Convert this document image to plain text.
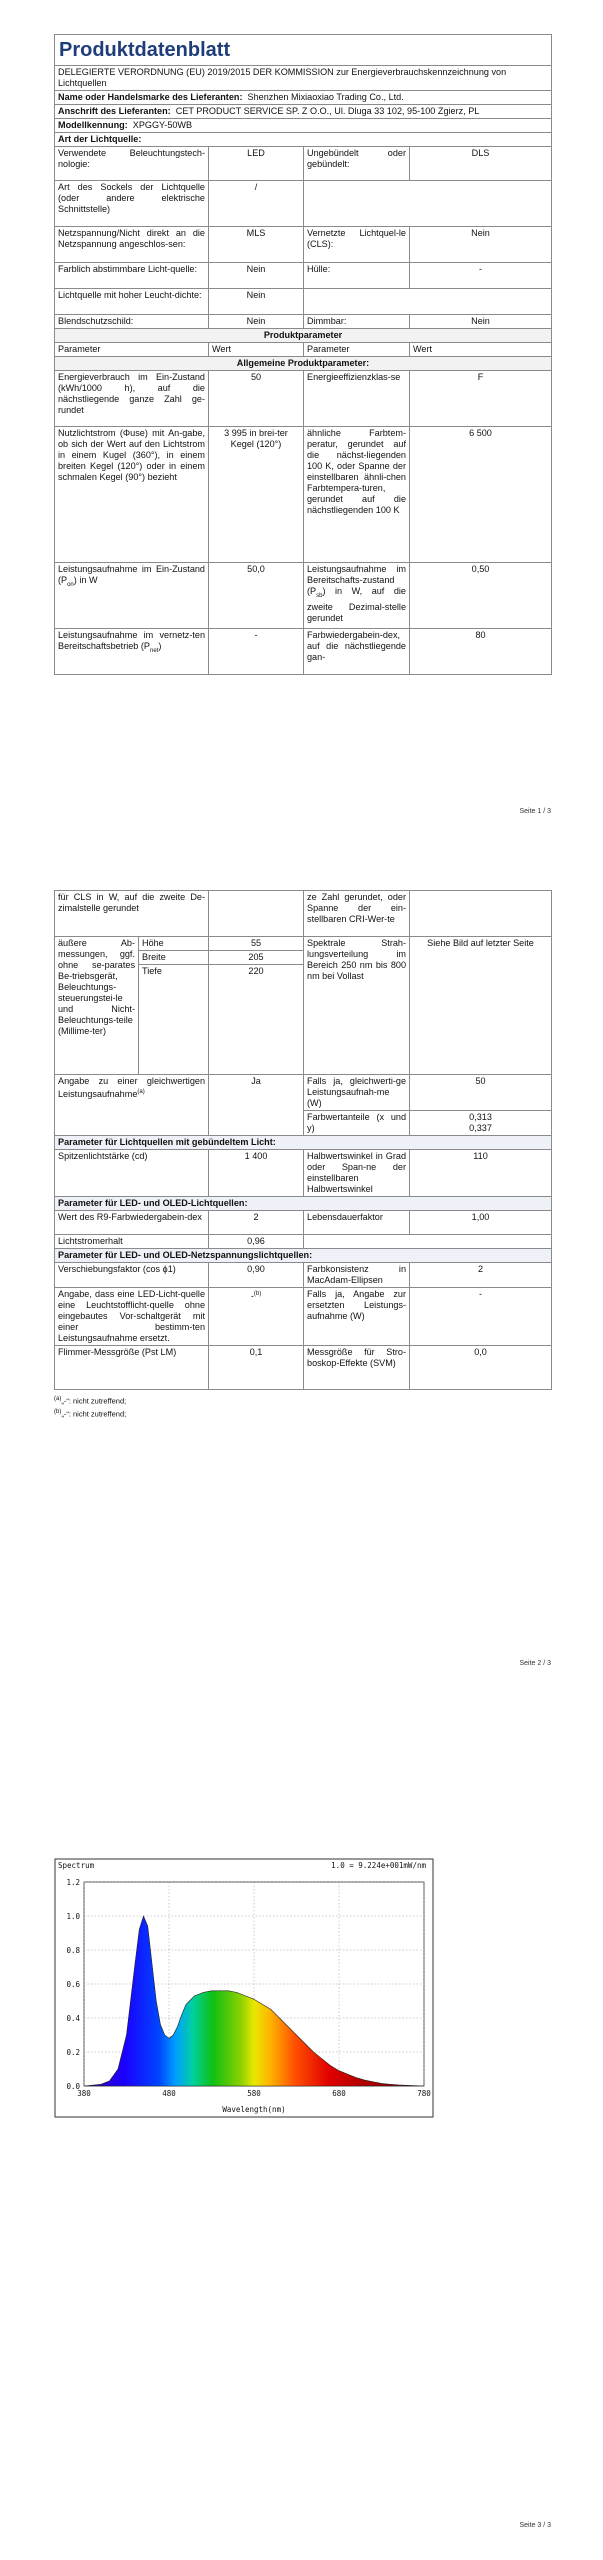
Produktdatenblatt			
DELEGIERTE VERORDNUNG (EU) 2019/2015 DER KOMMISSION zur Energieverbrauchskennzeichnung von Lichtquellen			
Name oder Handelsmarke des Lieferanten: Shenzhen Mixiaoxiao Trading Co., Ltd.			
Anschrift des Lieferanten: CET PRODUCT SERVICE SP. Z O.O., Ul. Dluga 33 102, 95-100 Zgierz, PL			
Modellkennung: XPGGY-50WB			
Art der Lichtquelle:			
Verwendete Beleuchtungstech-nologie:	LED	Ungebündelt oder gebündelt:	DLS
Art des Sockels der Lichtquelle (oder andere elektrische Schnittstelle)	/		
Netzspannung/Nicht direkt an die Netzspannung angeschlos-sen:	MLS	Vernetzte Lichtquel-le (CLS):	Nein
Farblich abstimmbare Licht-quelle:	Nein	Hülle:	-
Lichtquelle mit hoher Leucht-dichte:	Nein		
Blendschutzschild:	Nein	Dimmbar:	Nein
Produktparameter			
Parameter	Wert	Parameter	Wert
Allgemeine Produktparameter:			
Energieverbrauch im Ein-Zustand (kWh/1000 h), auf die nächstliegende ganze Zahl ge-rundet	50	Energieeffizienzklas-se	F
Nutzlichtstrom (Φuse) mit An-gabe, ob sich der Wert auf den Lichtstrom in einem Kugel (360°), in einem breiten Kegel (120°) oder in einem schmalen Kegel (90°) bezieht	3 995 in brei-ter Kegel (120°)	ähnliche Farbtem-peratur, gerundet auf die nächst-liegenden 100 K, oder Spanne der einstellbaren ähnli-chen Farbtempera-turen, gerundet auf die nächstliegenden 100 K	6 500
Leistungsaufnahme im Ein-Zustand $(P_{on})$ in W	50,0	Leistungsaufnahme im Bereitschafts-zustand $(P_{sb})$ in W, auf die zweite Dezimal-stelle gerundet	0,50
Leistungsaufnahme im vernetz-ten Bereitschaftsbetrieb $(P_{net})$	-	Farbwiedergabein-dex, auf die nächstliegende gan-	80
Seite 1 / 3
für CLS in W, auf die zweite De-zimalstelle gerundet			ze Zahl gerundet, oder Spanne der ein-stellbaren CRI-Wer-te	
äußere Ab-messungen, ggf. ohne se-parates Be-triebsgerät, Beleuchtungs-steuerungstei-le und Nicht-Beleuchtungs-teile (Millime-ter)	Höhe	55	Spektrale Strah-lungsverteilung im Bereich 250 nm bis 800 nm bei Vollast	Siehe Bild auf letzter Seite
	Breite	205		
	Tiefe	220		
Angabe zu einer gleichwertigen Leistungsaufnahme$^{(a)}$		Ja	Falls ja, gleichwerti-ge Leistungsaufnah-me (W)	50
			Farbwertanteile (x und y)	0,313
0,337

Parameter für Lichtquellen mit gebündeltem Licht:				
Spitzenlichtstärke (cd)		1 400	Halbwertswinkel in Grad oder Span-ne der einstellbaren Halbwertswinkel	110
Parameter für LED- und OLED-Lichtquellen:				
Wert des R9-Farbwiedergabein-dex		2	Lebensdauerfaktor	1,00
Lichtstromerhalt		0,96		
Parameter für LED- und OLED-Netzspannungslichtquellen:				
Verschiebungsfaktor (cos ϕ1)		0,90	Farbkonsistenz in MacAdam-Ellipsen	2
Angabe, dass eine LED-Licht-quelle eine Leuchtstofflicht-quelle ohne eingebautes Vor-schaltgerät mit einer bestimm-ten Leistungsaufnahme ersetzt.		-$^{(b)}$	Falls ja, Angabe zur ersetzten Leistungs-aufnahme (W)	-
Flimmer-Messgröße (Pst LM)		0,1	Messgröße für Stro-boskop-Effekte (SVM)	0,0
$^{(a)}$„-“: nicht zutreffend;
$^{(b)}$„-“: nicht zutreffend;
Seite 2 / 3
Spectrum	1.0 = 9.224e+001mW/nm
380	480	580	680	780
0.0
0.2
0.4
0.6
0.8
1.0
1.2
Wavelength(nm)
Seite 3 / 3
